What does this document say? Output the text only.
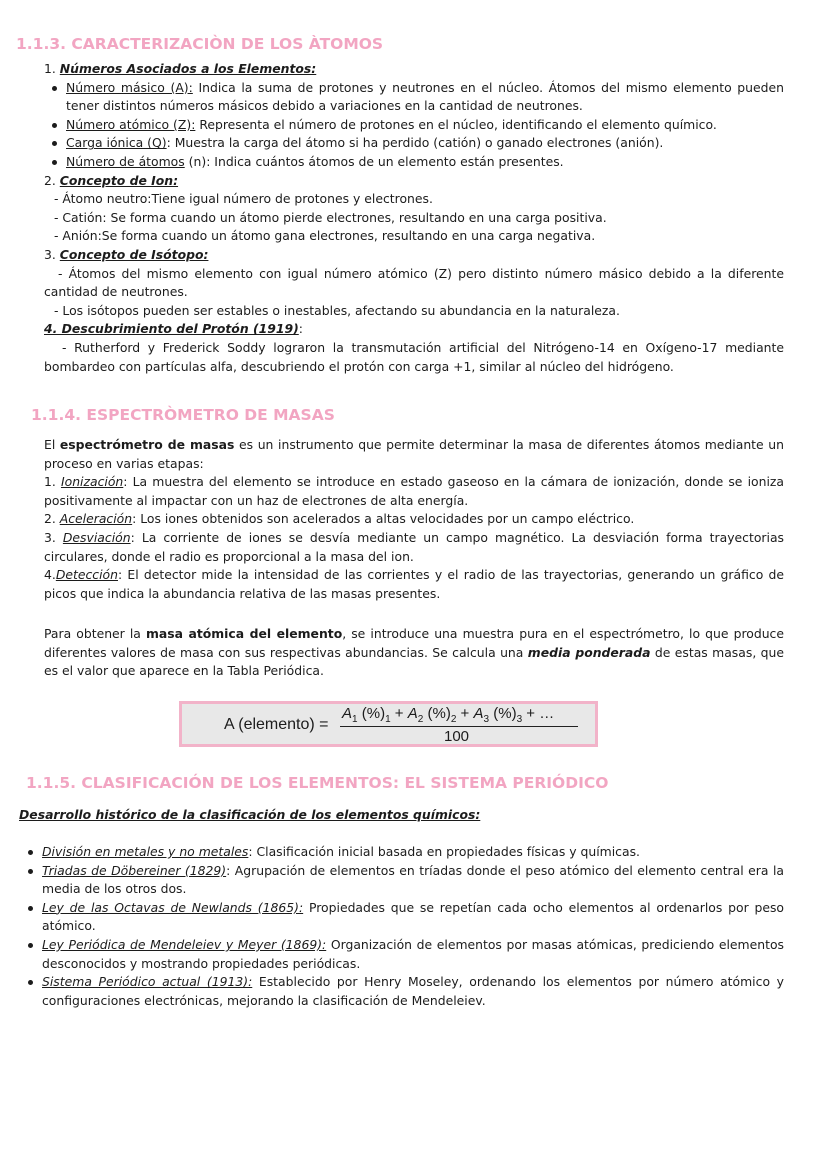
1.1.3. CARACTERIZACIÒN DE LOS ÀTOMOS

1. Números Asociados a los Elementos:

Número másico (A): Indica la suma de protones y neutrones en el núcleo. Átomos del mismo elemento pueden tener distintos números másicos debido a variaciones en la cantidad de neutrones.
Número atómico (Z): Representa el número de protones en el núcleo, identificando el elemento químico.
Carga iónica (Q): Muestra la carga del átomo si ha perdido (catión) o ganado electrones (anión).
Número de átomos (n): Indica cuántos átomos de un elemento están presentes.

2. Concepto de Ion:

- Átomo neutro:Tiene igual número de protones y electrones.

- Catión: Se forma cuando un átomo pierde electrones, resultando en una carga positiva.

- Anión:Se forma cuando un átomo gana electrones, resultando en una carga negativa.

3. Concepto de Isótopo:

- Átomos del mismo elemento con igual número atómico (Z) pero distinto número másico debido a la diferente cantidad de neutrones.

- Los isótopos pueden ser estables o inestables, afectando su abundancia en la naturaleza.

4. Descubrimiento del Protón (1919):

- Rutherford y Frederick Soddy lograron la transmutación artificial del Nitrógeno-14 en Oxígeno-17 mediante bombardeo con partículas alfa, descubriendo el protón con carga +1, similar al núcleo del hidrógeno.

1.1.4. ESPECTRÒMETRO DE MASAS

El espectrómetro de masas es un instrumento que permite determinar la masa de diferentes átomos mediante un proceso en varias etapas:

1. Ionización: La muestra del elemento se introduce en estado gaseoso en la cámara de ionización, donde se ioniza positivamente al impactar con un haz de electrones de alta energía.

2. Aceleración: Los iones obtenidos son acelerados a altas velocidades por un campo eléctrico.

3. Desviación: La corriente de iones se desvía mediante un campo magnético. La desviación forma trayectorias circulares, donde el radio es proporcional a la masa del ion.

4.Detección: El detector mide la intensidad de las corrientes y el radio de las trayectorias, generando un gráfico de picos que indica la abundancia relativa de las masas presentes.

Para obtener la masa atómica del elemento, se introduce una muestra pura en el espectrómetro, lo que produce diferentes valores de masa con sus respectivas abundancias. Se calcula una media ponderada de estas masas, que es el valor que aparece en la Tabla Periódica.

A (elemento) =
$A_1$ $(\%)_1 + A_2$ $(\%)_2 + A_3$ $(\%)_3$ + …
100
1.1.5. CLASIFICACIÓN DE LOS ELEMENTOS: EL SISTEMA PERIÓDICO
Desarrollo histórico de la clasificación de los elementos químicos:
División en metales y no metales: Clasificación inicial basada en propiedades físicas y químicas.
Triadas de Döbereiner (1829): Agrupación de elementos en tríadas donde el peso atómico del elemento central era la media de los otros dos.
Ley de las Octavas de Newlands (1865): Propiedades que se repetían cada ocho elementos al ordenarlos por peso atómico.
Ley Periódica de Mendeleiev y Meyer (1869): Organización de elementos por masas atómicas, prediciendo elementos desconocidos y mostrando propiedades periódicas.
Sistema Periódico actual (1913): Establecido por Henry Moseley, ordenando los elementos por número atómico y configuraciones electrónicas, mejorando la clasificación de Mendeleiev.
